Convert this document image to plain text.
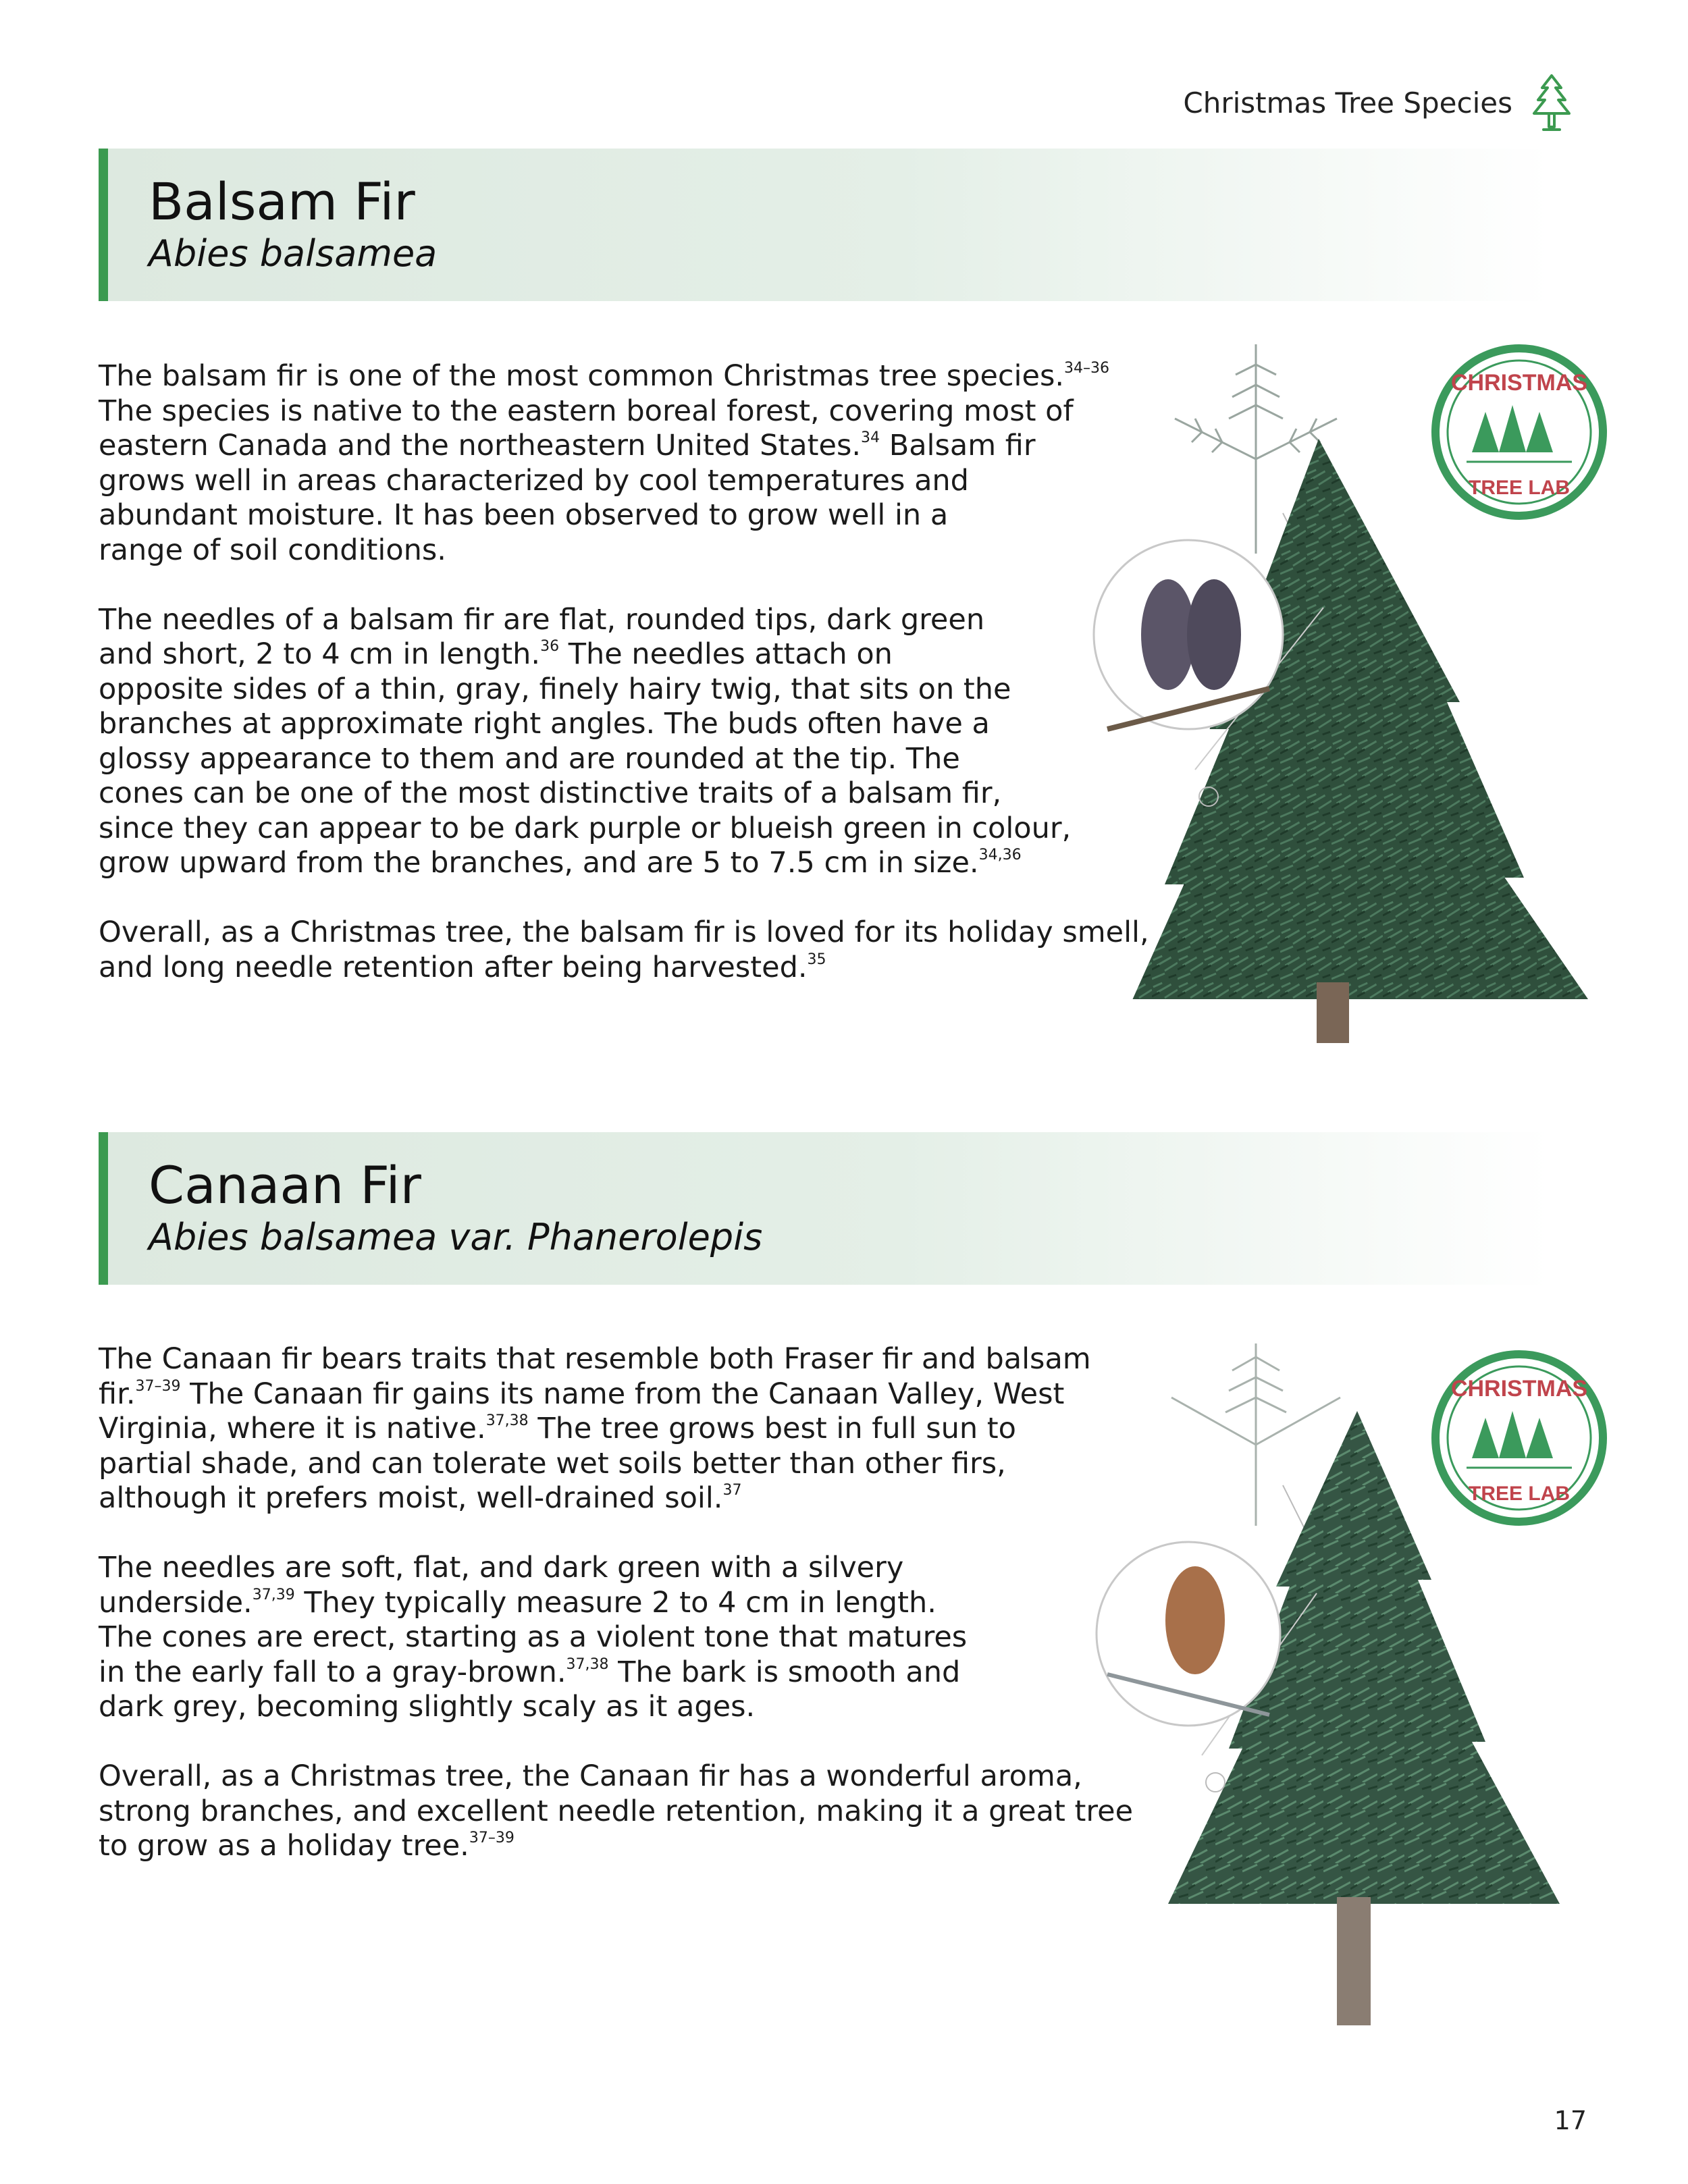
Christmas Tree Species
Balsam Fir
Abies balsamea

The balsam fir is one of the most common Christmas tree species.$^{34-36}$
The species is native to the eastern boreal forest, covering most of
eastern Canada and the northeastern United States.$^{34}$ Balsam fir
grows well in areas characterized by cool temperatures and
abundant moisture. It has been observed to grow well in a
range of soil conditions.

The needles of a balsam fir are flat, rounded tips, dark green
and short, 2 to 4 cm in length.$^{36}$ The needles attach on
opposite sides of a thin, gray, finely hairy twig, that sits on the
branches at approximate right angles. The buds often have a
glossy appearance to them and are rounded at the tip. The
cones can be one of the most distinctive traits of a balsam fir,
since they can appear to be dark purple or blueish green in colour,
grow upward from the branches, and are 5 to 7.5 cm in size.$^{34,36}$

Overall, as a Christmas tree, the balsam fir is loved for its holiday smell,
and long needle retention after being harvested.$^{35}$

CHRISTMAS
TREE LAB
Canaan Fir
Abies balsamea var. Phanerolepis

The Canaan fir bears traits that resemble both Fraser fir and balsam
fir.$^{37-39}$ The Canaan fir gains its name from the Canaan Valley, West
Virginia, where it is native.$^{37,38}$ The tree grows best in full sun to
partial shade, and can tolerate wet soils better than other firs,
although it prefers moist, well-drained soil.$^{37}$

The needles are soft, flat, and dark green with a silvery
underside.$^{37,39}$ They typically measure 2 to 4 cm in length.
The cones are erect, starting as a violent tone that matures
in the early fall to a gray-brown.$^{37,38}$ The bark is smooth and
dark grey, becoming slightly scaly as it ages.

Overall, as a Christmas tree, the Canaan fir has a wonderful aroma,
strong branches, and excellent needle retention, making it a great tree
to grow as a holiday tree.$^{37-39}$

CHRISTMAS
TREE LAB
17
